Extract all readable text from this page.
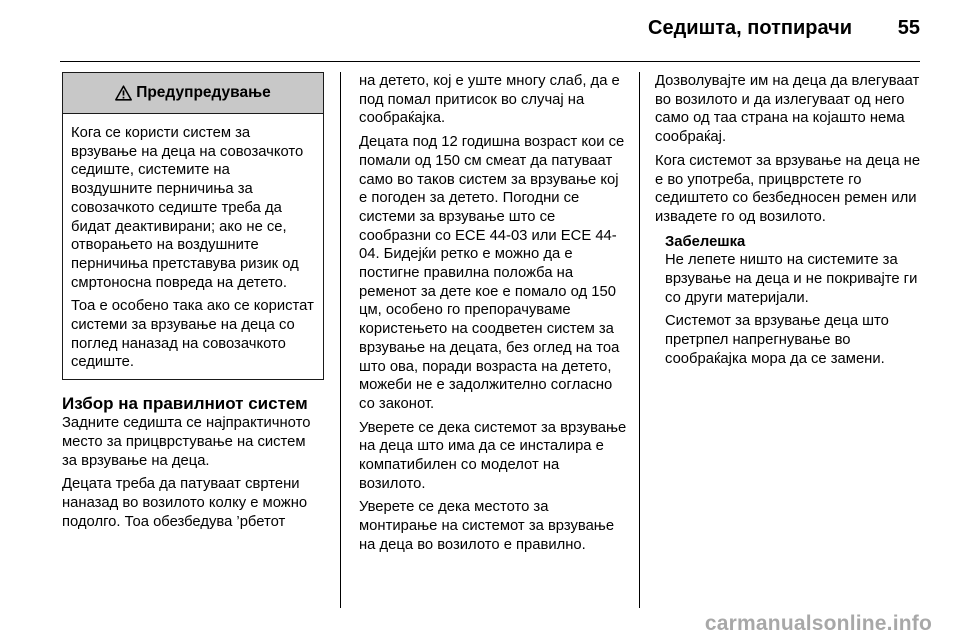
Седишта, потпирачи 55
Предупредување

Кога се користи систем за врзување на деца на совозачкото седиште, системите на воздушните перничиња за совозачкото седиште треба да бидат деактивирани; ако не се, отворањето на воздушните перничиња претставува ризик од смртоносна повреда на детето.

Тоа е особено така ако се користат системи за врзување на деца со поглед наназад на совозачкото седиште.

Избор на правилниот систем

Задните седишта се најпрактичното место за прицврстување на систем за врзување на деца.

Децата треба да патуваат свртени наназад во возилото колку е можно подолго. Тоа обезбедува ’рбетот

на детето, кој е уште многу слаб, да е под помал притисок во случај на сообраќајка.

Децата под 12 годишна возраст кои се помали од 150 см смеат да патуваат само во таков систем за врзување кој е погоден за детето. Погодни се системи за врзување што се сообразни со ECE 44-03 или ECE 44-04. Бидејќи ретко е можно да е постигне правилна положба на ременот за дете кое е помало од 150 цм, особено го препорачуваме користењето на соодветен систем за врзување на децата, без оглед на тоа што ова, поради возраста на детето, можеби не е задолжително согласно со законот.

Уверете се дека системот за врзување на деца што има да се инсталира е компатибилен со моделот на возилото.

Уверете се дека местото за монтирање на системот за врзување на деца во возилото е правилно.

Дозволувајте им на деца да влегуваат во возилото и да излегуваат од него само од таа страна на којашто нема сообраќај.

Кога системот за врзување на деца не е во употреба, прицврстете го седиштето со безбедносен ремен или извадете го од возилото.

Забелешка

Не лепете ништо на системите за врзување на деца и не покривајте ги со други материјали.

Системот за врзување деца што претрпел напрегнување во сообраќајка мора да се замени.

carmanualsonline.info
